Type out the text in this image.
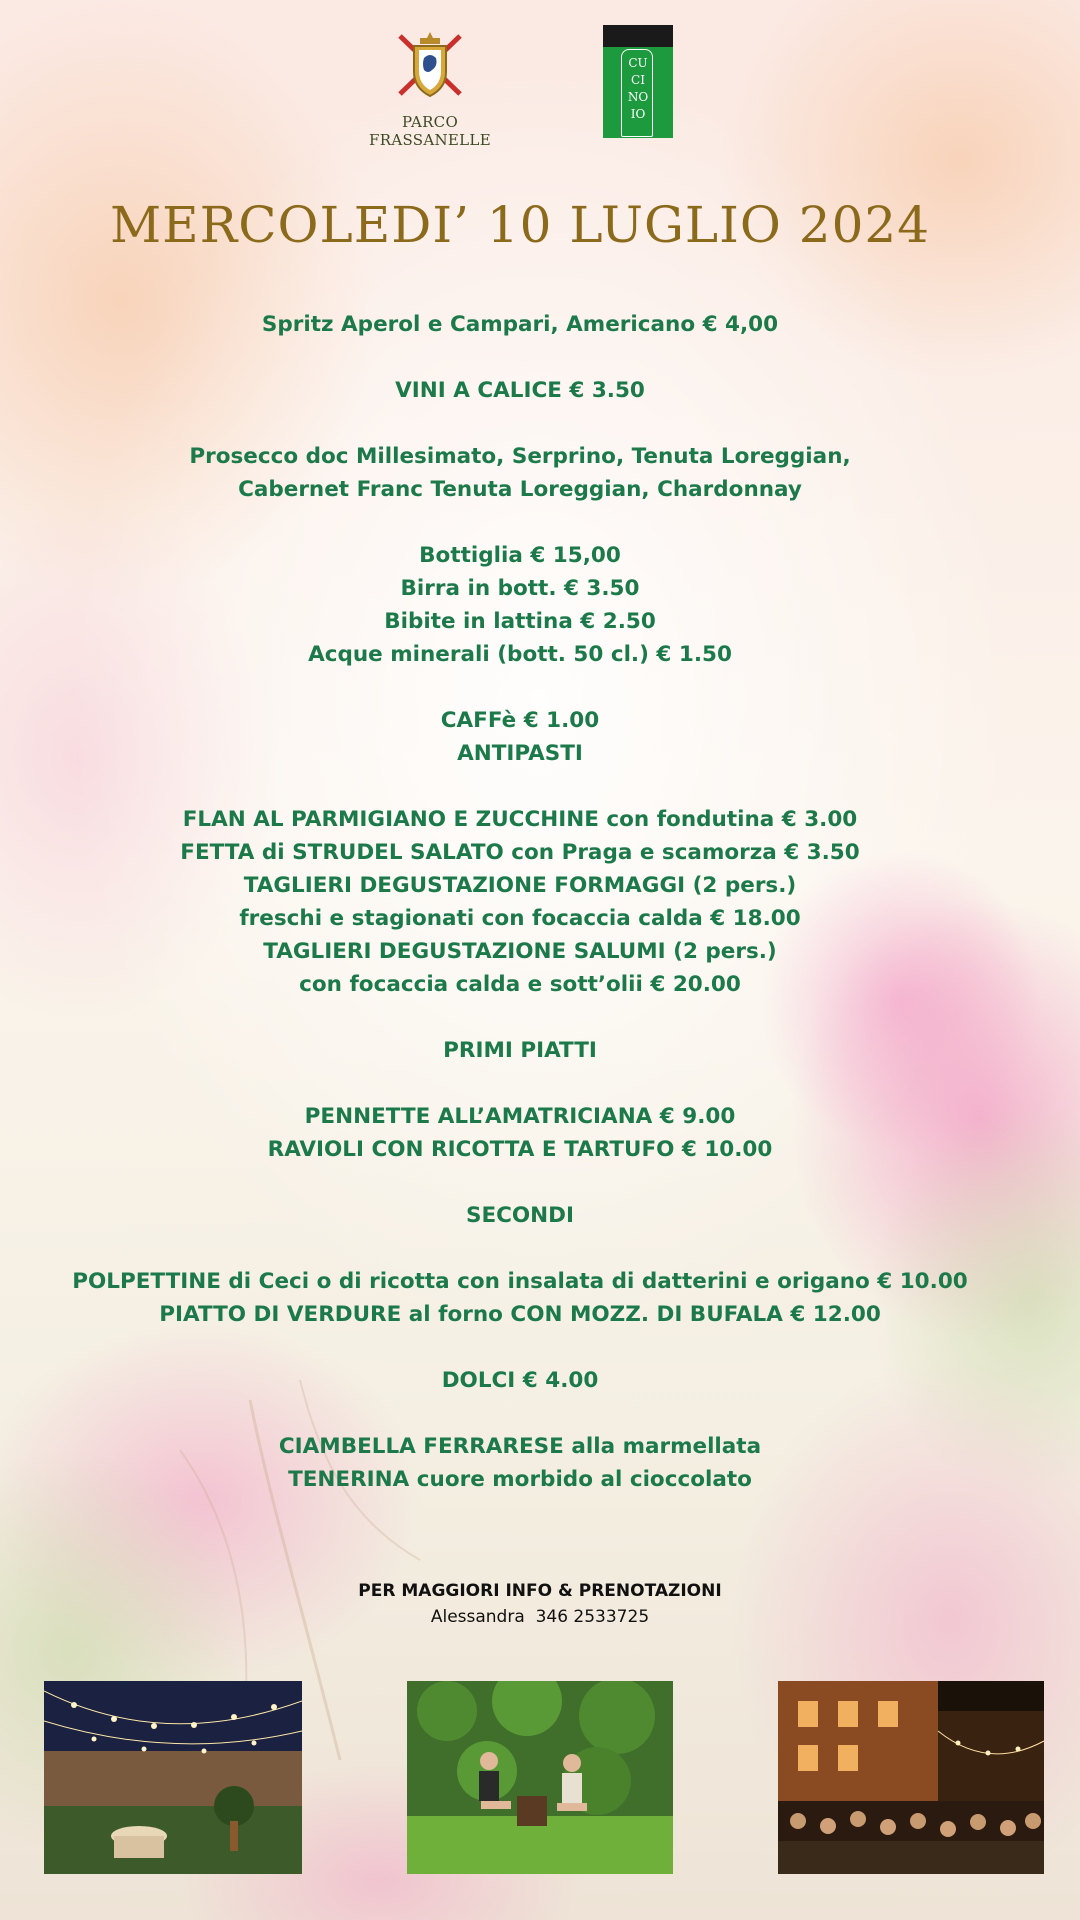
PARCO FRASSANELLE
CU
CI
NO
IO
MERCOLEDI’ 10 LUGLIO 2024
Spritz Aperol e Campari, Americano € 4,00
VINI A CALICE € 3.50
Prosecco doc Millesimato, Serprino, Tenuta Loreggian,
Cabernet Franc Tenuta Loreggian, Chardonnay
Bottiglia € 15,00
Birra in bott. € 3.50
Bibite in lattina € 2.50
Acque minerali (bott. 50 cl.) € 1.50
CAFFè € 1.00
ANTIPASTI
FLAN AL PARMIGIANO E ZUCCHINE con fondutina € 3.00
FETTA di STRUDEL SALATO con Praga e scamorza € 3.50
TAGLIERI DEGUSTAZIONE FORMAGGI (2 pers.)
freschi e stagionati con focaccia calda € 18.00
TAGLIERI DEGUSTAZIONE SALUMI (2 pers.)
con focaccia calda e sott’olii € 20.00
PRIMI PIATTI
PENNETTE ALL’AMATRICIANA € 9.00
RAVIOLI CON RICOTTA E TARTUFO € 10.00
SECONDI
POLPETTINE di Ceci o di ricotta con insalata di datterini e origano € 10.00
PIATTO DI VERDURE al forno CON MOZZ. DI BUFALA € 12.00
DOLCI € 4.00
CIAMBELLA FERRARESE alla marmellata
TENERINA cuore morbido al cioccolato
PER MAGGIORI INFO & PRENOTAZIONI
Alessandra  346 2533725
